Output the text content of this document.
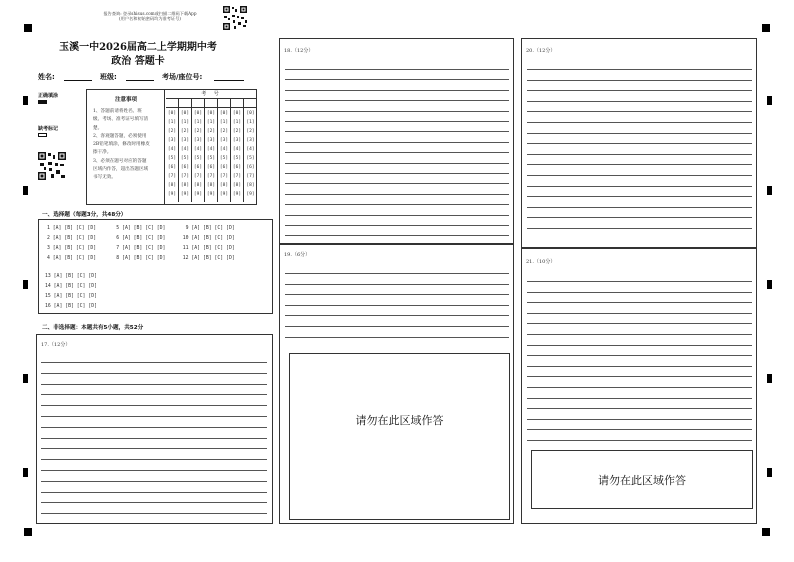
报告查询: 登录shisus.com或扫描二维码下载App
(用户名和初始密码均为准考证号)
玉溪一中2026届高二上学期期中考
政治 答题卡
姓名:	班级:	考场/座位号:
正确填涂
缺考标记
注意事项
1、答题前请将姓名、班
级、考场、准考证号填写清
楚。
2、客观题答题，必须使用
2B铅笔填涂，修改时用橡皮
擦干净。
3、必须在题号对应的答题
区域内作答，超出答题区域
书写无效。
考 号
[0]
[1]
[2]
[3]
[4]
[5]
[6]
[7]
[8]
[9]
[0]
[1]
[2]
[3]
[4]
[5]
[6]
[7]
[8]
[9]
[0]
[1]
[2]
[3]
[4]
[5]
[6]
[7]
[8]
[9]
[0]
[1]
[2]
[3]
[4]
[5]
[6]
[7]
[8]
[9]
[0]
[1]
[2]
[3]
[4]
[5]
[6]
[7]
[8]
[9]
[0]
[1]
[2]
[3]
[4]
[5]
[6]
[7]
[8]
[9]
[0]
[1]
[2]
[3]
[4]
[5]
[6]
[7]
[8]
[9]
一、选择题（每题3分，共48分）
1 [A] [B] [C] [D]       5 [A] [B] [C] [D]       9 [A] [B] [C] [D]
2 [A] [B] [C] [D]       6 [A] [B] [C] [D]      10 [A] [B] [C] [D]
3 [A] [B] [C] [D]       7 [A] [B] [C] [D]      11 [A] [B] [C] [D]
4 [A] [B] [C] [D]       8 [A] [B] [C] [D]      12 [A] [B] [C] [D]
13 [A] [B] [C] [D]
14 [A] [B] [C] [D]
15 [A] [B] [C] [D]
16 [A] [B] [C] [D]
二、非选择题：本题共有5小题，共52分
17.（12分）
18.（12分）
19.（6分）
请勿在此区域作答
20.（12分）
21.（10分）
请勿在此区域作答
